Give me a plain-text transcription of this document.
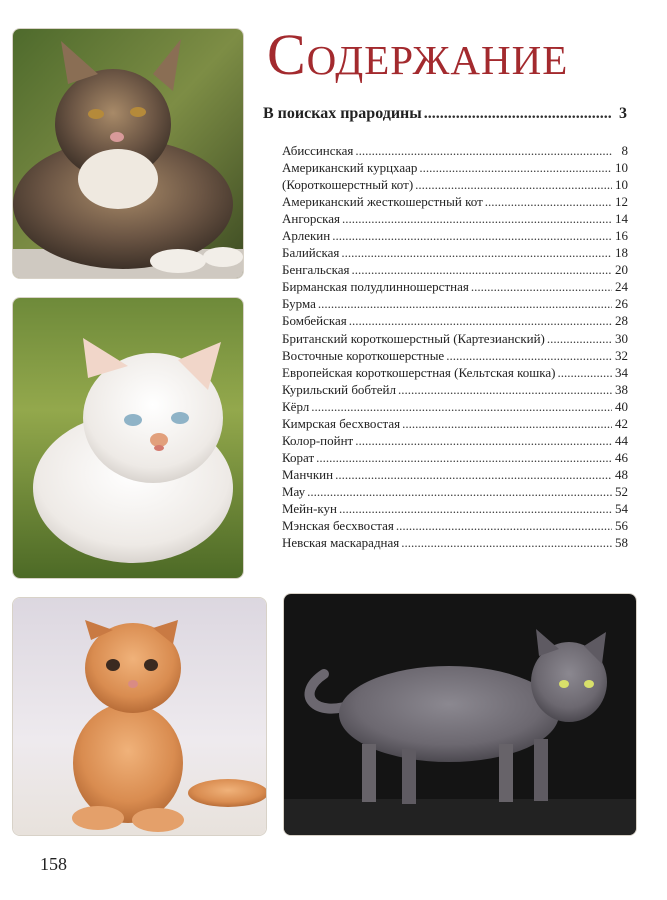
Содержание
В поисках прародины .....	3
Абиссинская .....	8
Американский курцхаар .....	10
(Короткошерстный кот) .....	10
Американский жесткошерстный кот .....	12
Ангорская .....	14
Арлекин .....	16
Балийская .....	18
Бенгальская .....	20
Бирманская полудлинношерстная .....	24
Бурма .....	26
Бомбейская .....	28
Британский короткошерстный (Картезианский) .....	30
Восточные короткошерстные .....	32
Европейская короткошерстная (Кельтская кошка) .....	34
Курильский бобтейл .....	38
Кёрл .....	40
Кимрская бесхвостая .....	42
Колор-пойнт .....	44
Корат .....	46
Манчкин .....	48
Мау .....	52
Мейн-кун .....	54
Мэнская бесхвостая .....	56
Невская маскарадная .....	58
158
